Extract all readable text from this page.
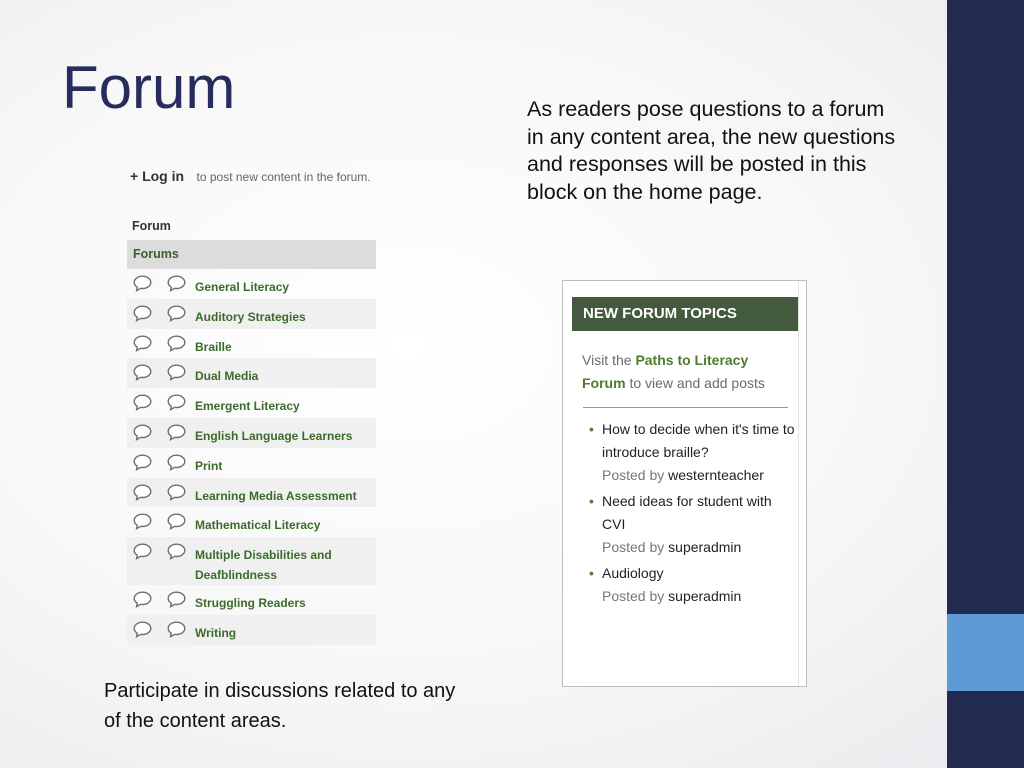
Forum	As readers pose questions to a forum in any content area, the new questions and responses will be posted in this block on the home page.
Participate in discussions related to any of the content areas.
+ Log in to post new content in the forum.
Forum
Forums
General Literacy
Auditory Strategies
Braille
Dual Media
Emergent Literacy
English Language Learners
Print
Learning Media Assessment
Mathematical Literacy
Multiple Disabilities and Deafblindness
Struggling Readers
Writing
NEW FORUM TOPICS
Visit the Paths to Literacy Forum to view and add posts
• How to decide when it's time to introduce braille?
Posted by westernteacher
• Need ideas for student with CVI
Posted by superadmin
• Audiology
Posted by superadmin
